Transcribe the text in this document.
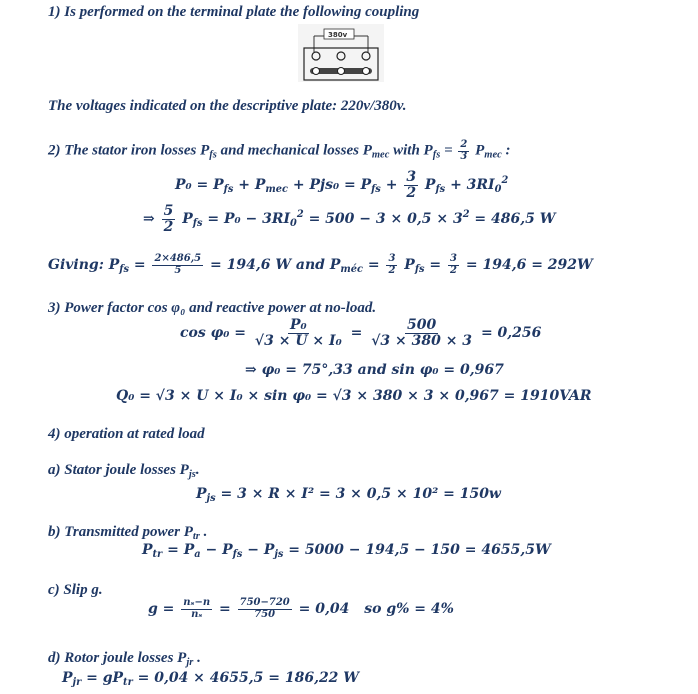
1) Is performed on the terminal plate the following coupling
380v
The voltages indicated on the descriptive plate: 220v/380v.
2) The stator iron losses $P_{fs}$ and mechanical losses $P_{mec}$ with $P_{fs} = \frac{2}{3} P_{mec}$ :
$P_0 = P_{fs} + P_{mec} + Pjs_0 = P_{fs} + \frac{3}{2} P_{fs} + 3RI_0^2$
⇒ $\frac{5}{2} P_{fs} = P_0 - 3RI_0^2 = 500 - 3 \times 0,5 \times 3^2 = 486,5$ W
Giving: $P_{fs} = \frac{2\times 486,5}{5} = 194,6$ W and $P_{méc} = \frac{3}{2} P_{fs} = \frac{3}{2} = 194,6 = 292W$
3) Power factor cos φ₀ and reactive power at no-load.
$\cos \varphi_0 = \frac{\text{P₀}}{\text{√3 × U × I₀}} = \frac{500}{√3 \times 380 \times 3} = 0,256$
⇒ φ₀ = 75°,33 and sin φ₀ = 0,967
Q₀ = √3 × U × I₀ × sin φ₀ = √3 × 380 × 3 × 0,967 = 1910VAR
4) operation at rated load
a) Stator joule losses $P_{js}$.
$P_{js} = 3 \times R \times I^2 = 3 \times 0,5 \times 10^2 = 150w$
b) Transmitted power $P_{tr}$ .
$P_{tr} = P_a - P_{fs} - P_{js} = 5000 - 194,5 - 150 = 4655,5W$
c) Slip g.
$g = \frac{\text{nₛ−n}}{\text{nₛ}} = \frac{750-720}{750} = 0,04$ so g% = 4%
d) Rotor joule losses $P_{jr}$ .
$P_{jr} = gP_{tr} = 0,04 \times 4655,5 = 186,22$ W
